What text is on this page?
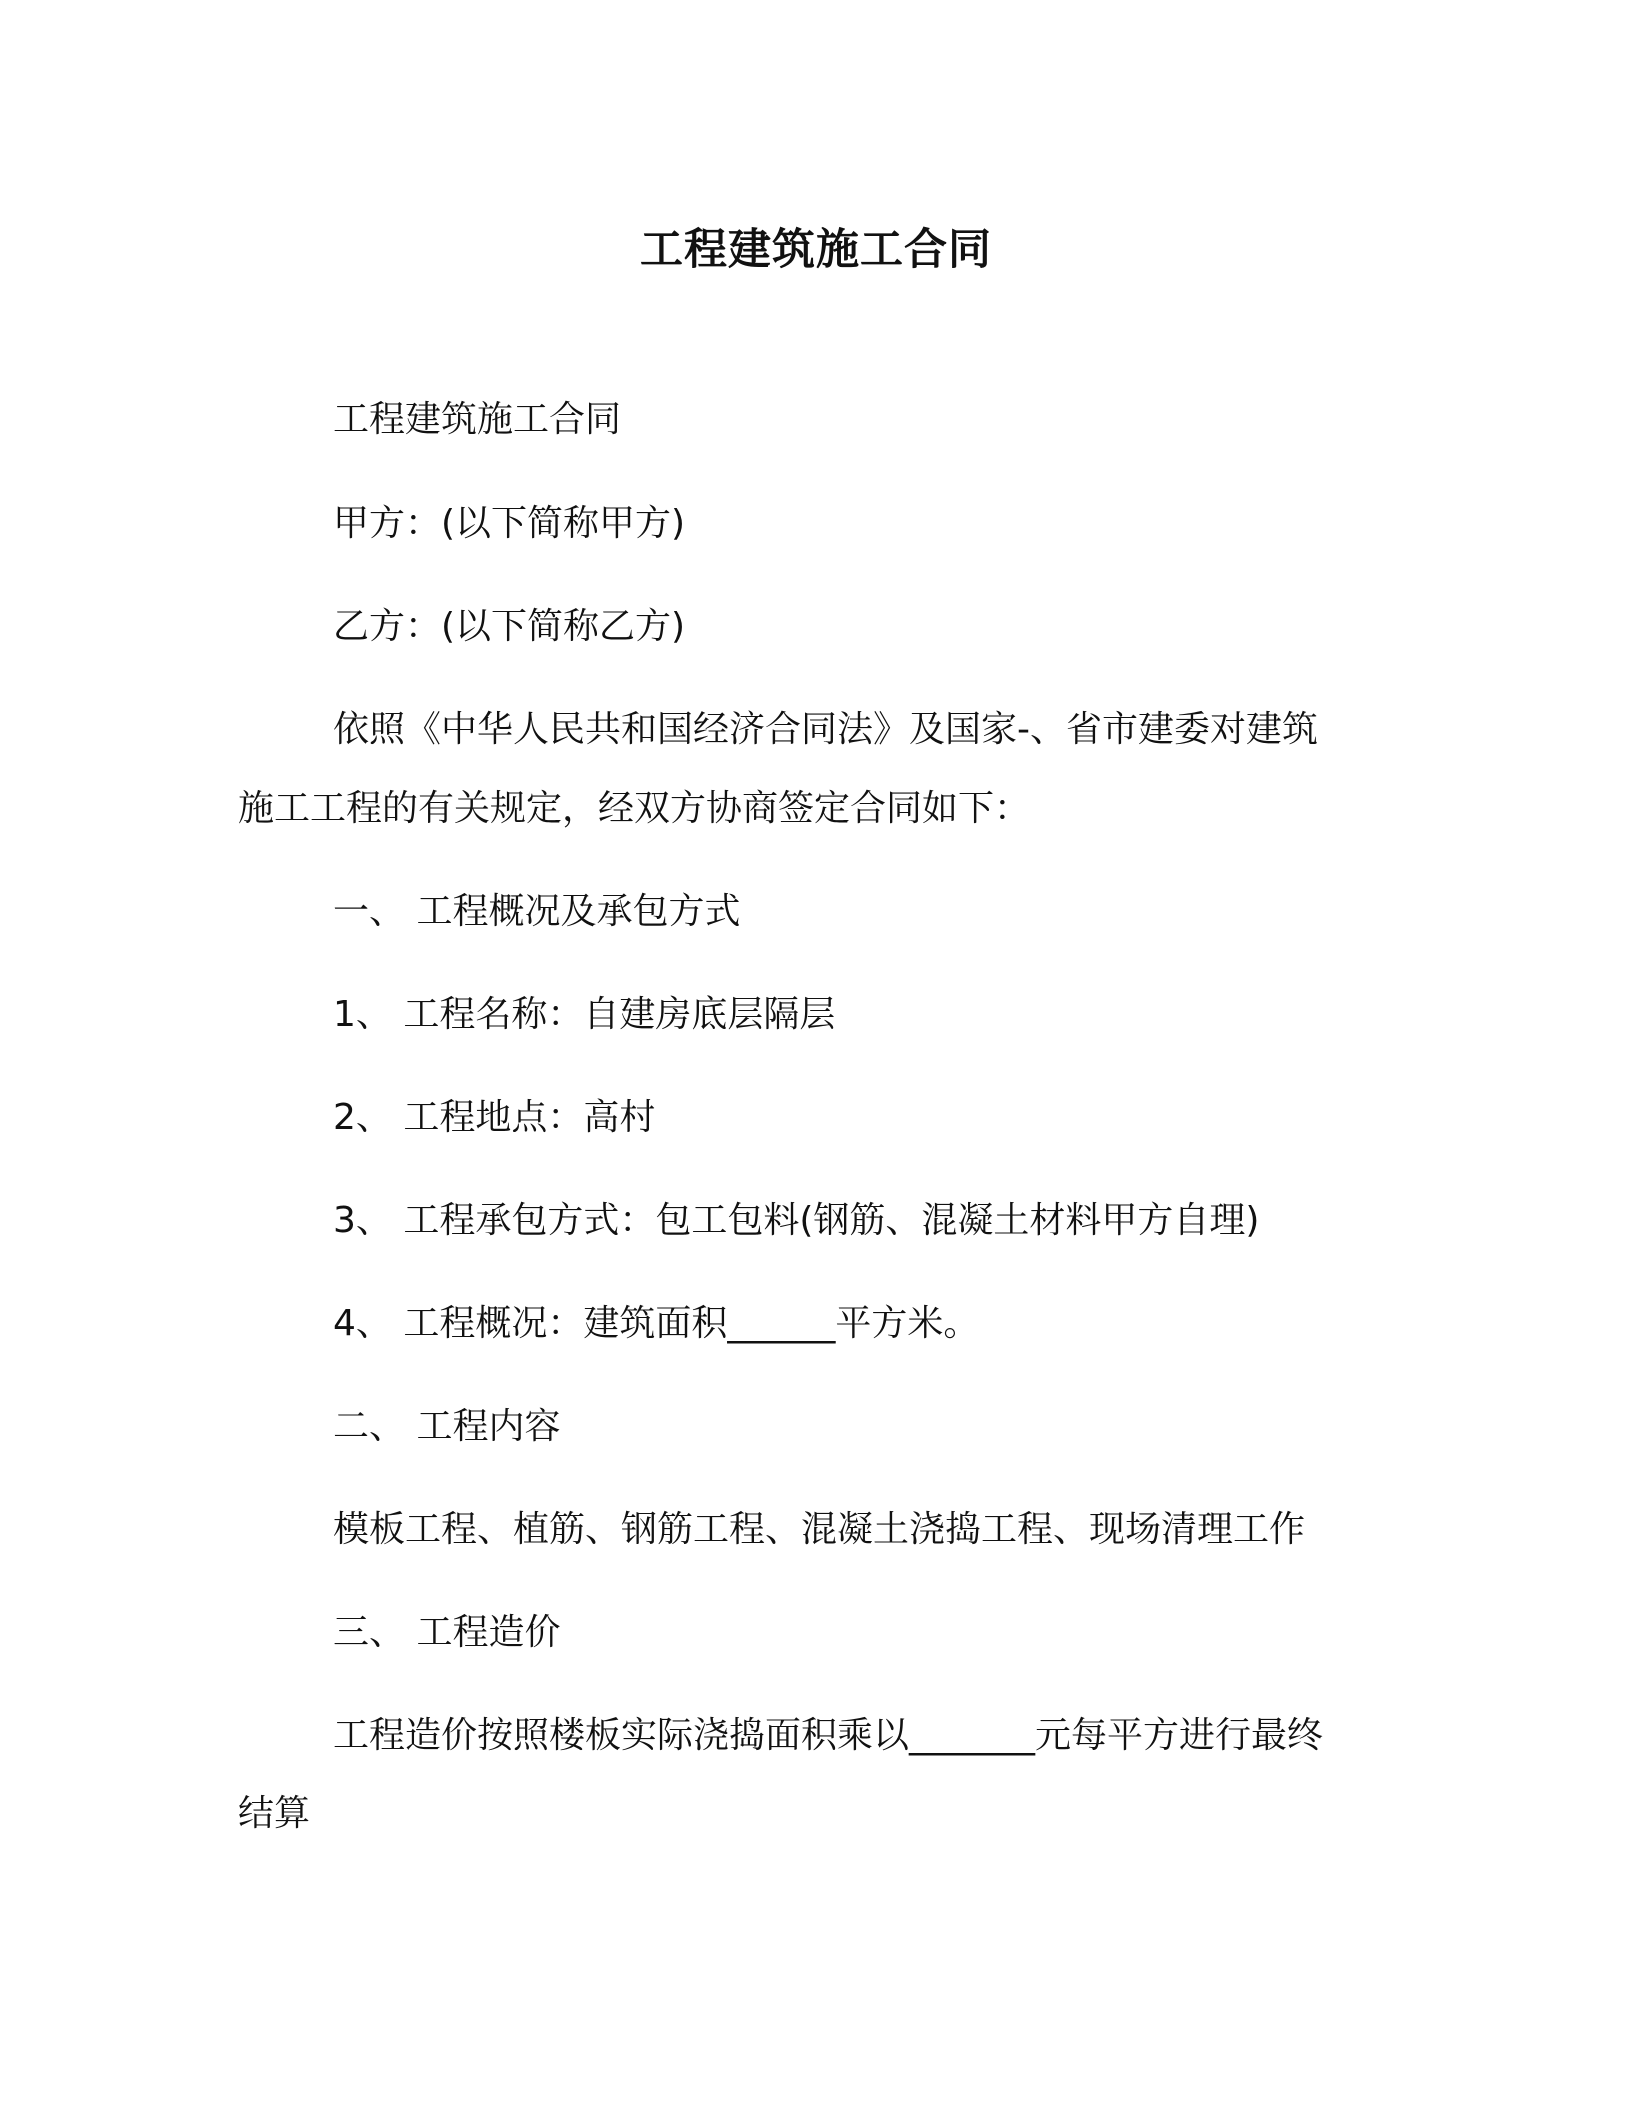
工程建筑施工合同
工程建筑施工合同
甲方：(以下简称甲方)
乙方：(以下简称乙方)
依照《中华人民共和国经济合同法》及国家-、省市建委对建筑
施工工程的有关规定，经双方协商签定合同如下：
一、 工程概况及承包方式
1、 工程名称：自建房底层隔层
2、 工程地点：高村
3、 工程承包方式：包工包料(钢筋、混凝土材料甲方自理)
4、 工程概况：建筑面积______平方米。
二、 工程内容
模板工程、植筋、钢筋工程、混凝土浇捣工程、现场清理工作
三、 工程造价
工程造价按照楼板实际浇捣面积乘以_______元每平方进行最终
结算
